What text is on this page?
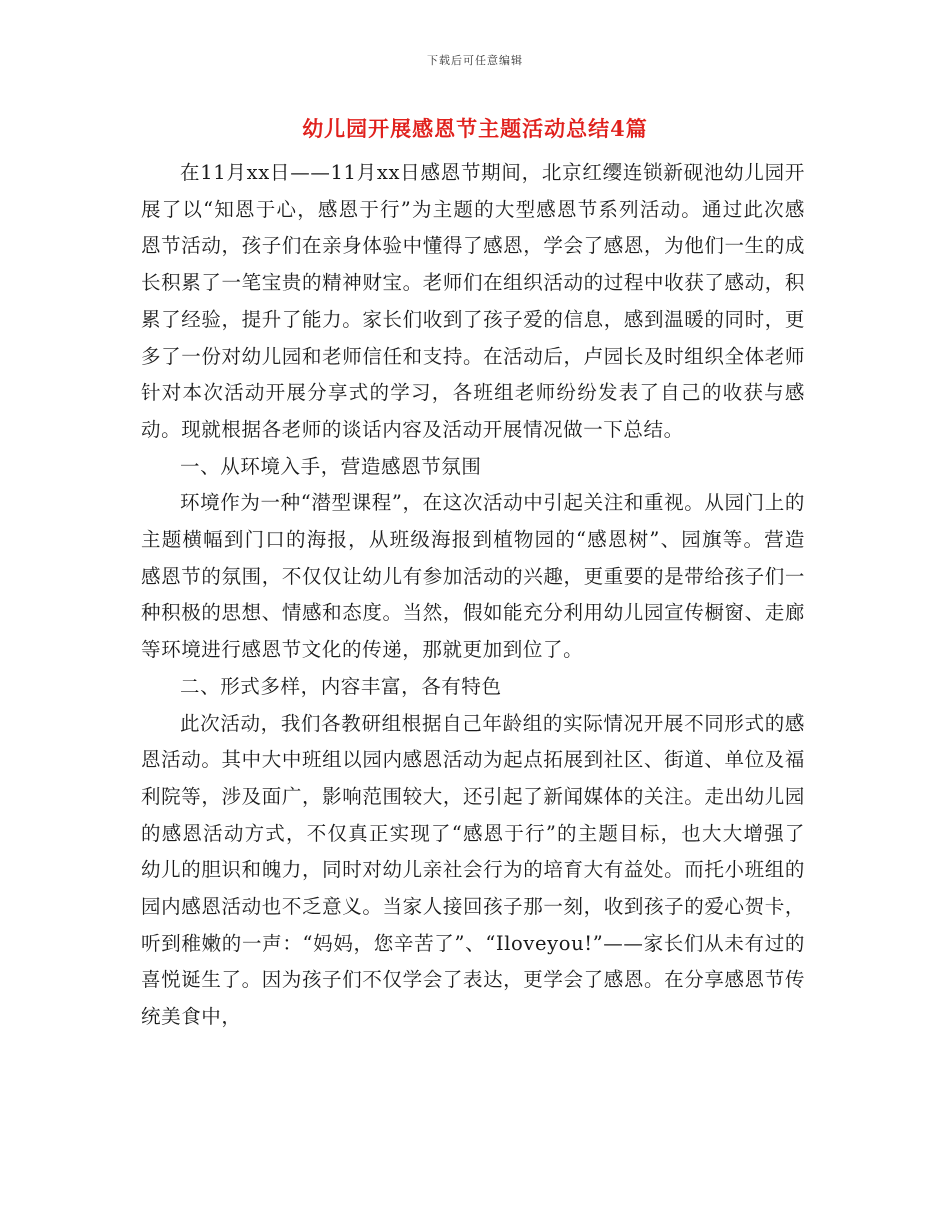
下载后可任意编辑
幼儿园开展感恩节主题活动总结4篇

在11月xx日——11月xx日感恩节期间，北京红缨连锁新砚池幼儿园开展了以“知恩于心，感恩于行”为主题的大型感恩节系列活动。通过此次感恩节活动，孩子们在亲身体验中懂得了感恩，学会了感恩，为他们一生的成长积累了一笔宝贵的精神财宝。老师们在组织活动的过程中收获了感动，积累了经验，提升了能力。家长们收到了孩子爱的信息，感到温暖的同时，更多了一份对幼儿园和老师信任和支持。在活动后，卢园长及时组织全体老师针对本次活动开展分享式的学习，各班组老师纷纷发表了自己的收获与感动。现就根据各老师的谈话内容及活动开展情况做一下总结。

一、从环境入手，营造感恩节氛围

环境作为一种“潜型课程”，在这次活动中引起关注和重视。从园门上的主题横幅到门口的海报，从班级海报到植物园的“感恩树”、园旗等。营造感恩节的氛围，不仅仅让幼儿有参加活动的兴趣，更重要的是带给孩子们一种积极的思想、情感和态度。当然，假如能充分利用幼儿园宣传橱窗、走廊等环境进行感恩节文化的传递，那就更加到位了。

二、形式多样，内容丰富，各有特色

此次活动，我们各教研组根据自己年龄组的实际情况开展不同形式的感恩活动。其中大中班组以园内感恩活动为起点拓展到社区、街道、单位及福利院等，涉及面广，影响范围较大，还引起了新闻媒体的关注。走出幼儿园的感恩活动方式，不仅真正实现了“感恩于行”的主题目标，也大大增强了幼儿的胆识和魄力，同时对幼儿亲社会行为的培育大有益处。而托小班组的园内感恩活动也不乏意义。当家人接回孩子那一刻，收到孩子的爱心贺卡，听到稚嫩的一声：“妈妈，您辛苦了”、“Iloveyou!”——家长们从未有过的喜悦诞生了。因为孩子们不仅学会了表达，更学会了感恩。在分享感恩节传统美食中，
